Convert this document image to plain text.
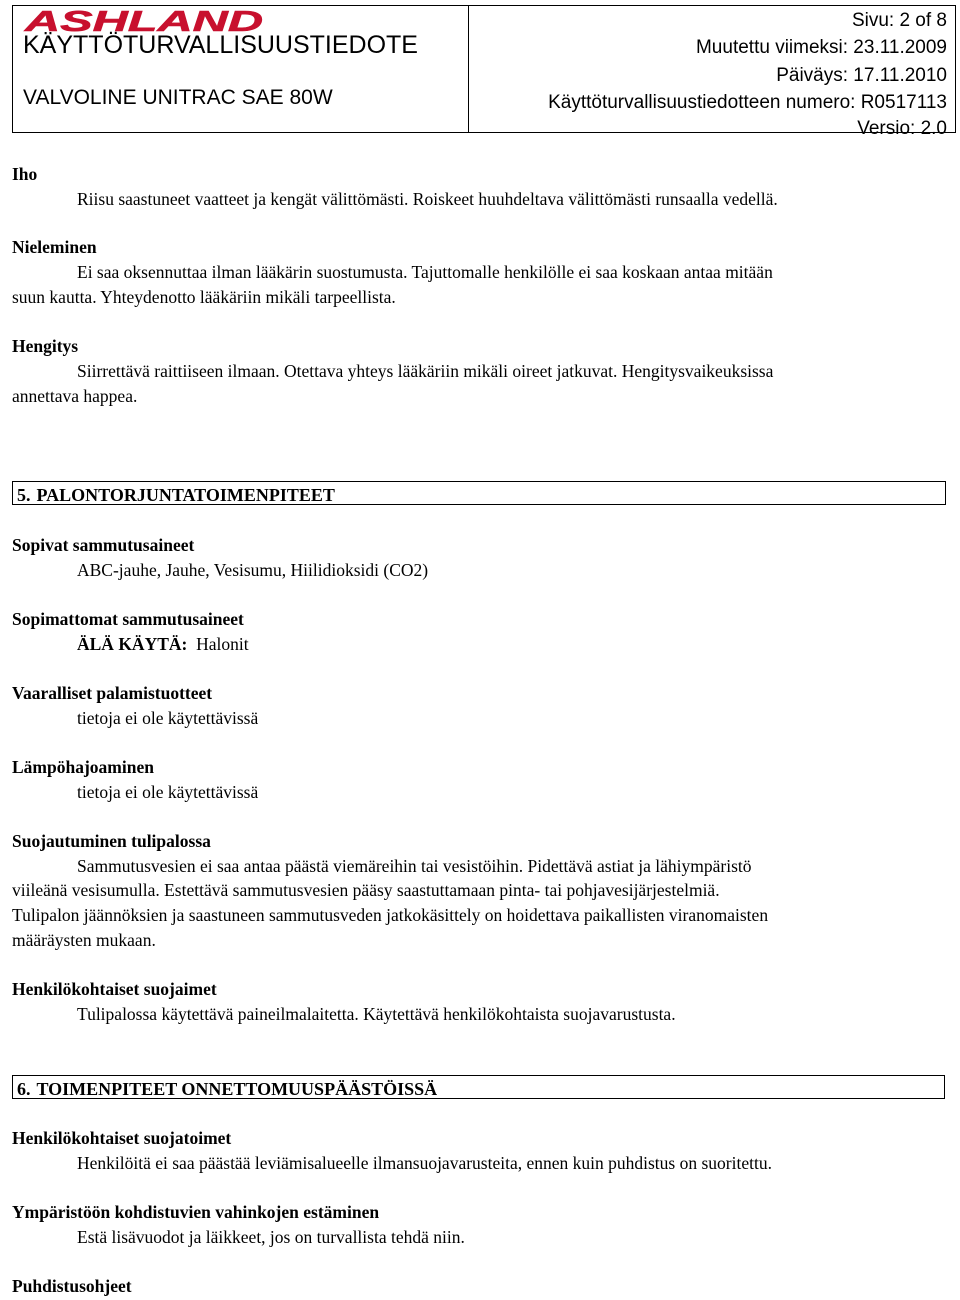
ASHLAND
KÄYTTÖTURVALLISUUSTIEDOTE
VALVOLINE UNITRAC SAE 80W
Sivu: 2 of 8
Muutettu viimeksi: 23.11.2009
Päiväys: 17.11.2010
Käyttöturvallisuustiedotteen numero: R0517113
Versio: 2.0
Iho
Riisu saastuneet vaatteet ja kengät välittömästi. Roiskeet huuhdeltava välittömästi runsaalla vedellä.
Nieleminen
Ei saa oksennuttaa ilman lääkärin suostumusta. Tajuttomalle henkilölle ei saa koskaan antaa mitään
suun kautta. Yhteydenotto lääkäriin mikäli tarpeellista.
Hengitys
Siirrettävä raittiiseen ilmaan. Otettava yhteys lääkäriin mikäli oireet jatkuvat. Hengitysvaikeuksissa
annettava happea.
5. PALONTORJUNTATOIMENPITEET
Sopivat sammutusaineet
ABC-jauhe, Jauhe, Vesisumu, Hiilidioksidi (CO2)
Sopimattomat sammutusaineet
ÄLÄ KÄYTÄ: Halonit
Vaaralliset palamistuotteet
tietoja ei ole käytettävissä
Lämpöhajoaminen
tietoja ei ole käytettävissä
Suojautuminen tulipalossa
Sammutusvesien ei saa antaa päästä viemäreihin tai vesistöihin. Pidettävä astiat ja lähiympäristö
viileänä vesisumulla. Estettävä sammutusvesien pääsy saastuttamaan pinta- tai pohjavesijärjestelmiä.
Tulipalon jäännöksien ja saastuneen sammutusveden jatkokäsittely on hoidettava paikallisten viranomaisten
määräysten mukaan.
Henkilökohtaiset suojaimet
Tulipalossa käytettävä paineilmalaitetta. Käytettävä henkilökohtaista suojavarustusta.
6. TOIMENPITEET ONNETTOMUUSPÄÄSTÖISSÄ
Henkilökohtaiset suojatoimet
Henkilöitä ei saa päästää leviämisalueelle ilmansuojavarusteita, ennen kuin puhdistus on suoritettu.
Ympäristöön kohdistuvien vahinkojen estäminen
Estä lisävuodot ja läikkeet, jos on turvallista tehdä niin.
Puhdistusohjeet
